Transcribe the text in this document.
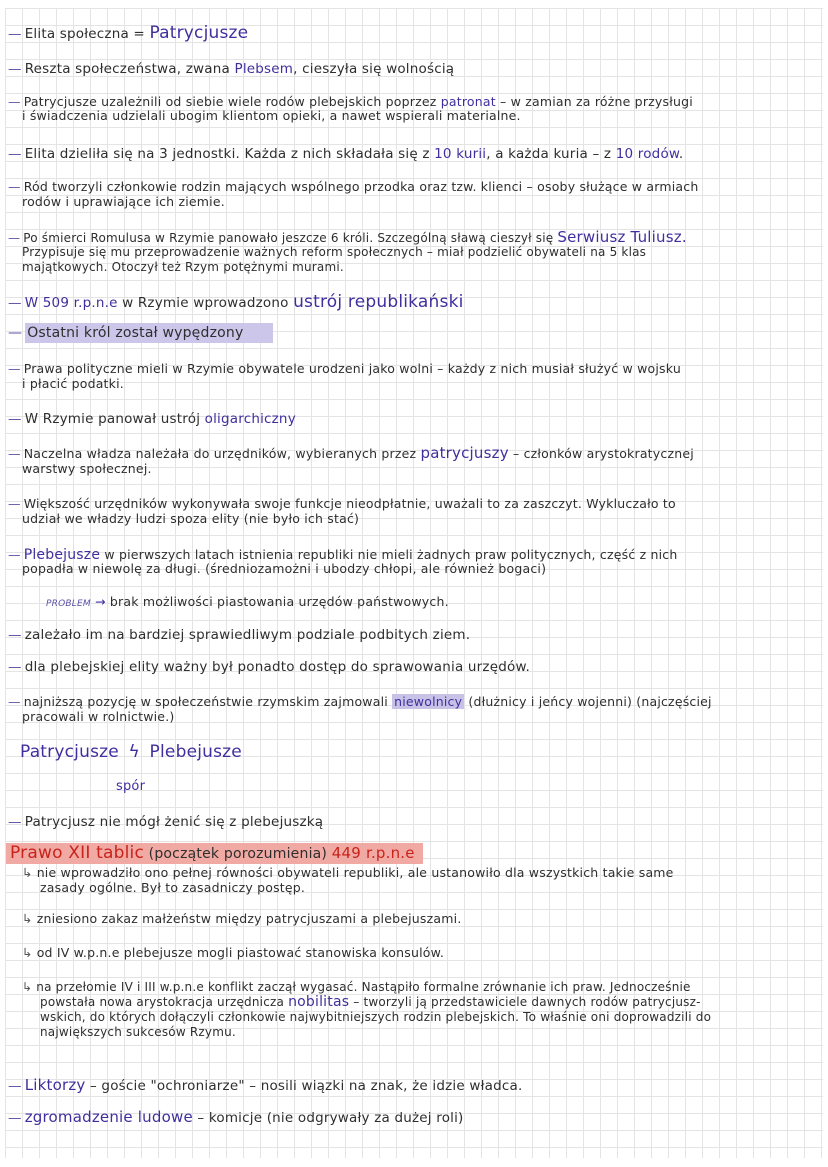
— Elita społeczna = Patrycjusze
— Reszta społeczeństwa, zwana Plebsem, cieszyła się wolnością
— Patrycjusze uzależnili od siebie wiele rodów plebejskich poprzez patronat – w zamian za różne przysługi
i świadczenia udzielali ubogim klientom opieki, a nawet wspierali materialne.
— Elita dzieliła się na 3 jednostki. Każda z nich składała się z 10 kurii, a każda kuria – z 10 rodów.
— Ród tworzyli członkowie rodzin mających wspólnego przodka oraz tzw. klienci – osoby służące w armiach
rodów i uprawiające ich ziemie.
— Po śmierci Romulusa w Rzymie panowało jeszcze 6 króli. Szczególną sławą cieszył się Serwiusz Tuliusz.
Przypisuje się mu przeprowadzenie ważnych reform społecznych – miał podzielić obywateli na 5 klas
majątkowych. Otoczył też Rzym potężnymi murami.
— W 509 r.p.n.e w Rzymie wprowadzono ustrój republikański
— Ostatni król został wypędzony
— Prawa polityczne mieli w Rzymie obywatele urodzeni jako wolni – każdy z nich musiał służyć w wojsku
i płacić podatki.
— W Rzymie panował ustrój oligarchiczny
— Naczelna władza należała do urzędników, wybieranych przez patrycjuszy – członków arystokratycznej
warstwy społecznej.
— Większość urzędników wykonywała swoje funkcje nieodpłatnie, uważali to za zaszczyt. Wykluczało to
udział we władzy ludzi spoza elity (nie było ich stać)
— Plebejusze w pierwszych latach istnienia republiki nie mieli żadnych praw politycznych, część z nich
popadła w niewolę za długi. (średniozamożni i ubodzy chłopi, ale również bogaci)
PROBLEM → brak możliwości piastowania urzędów państwowych.
— zależało im na bardziej sprawiedliwym podziale podbitych ziem.
— dla plebejskiej elity ważny był ponadto dostęp do sprawowania urzędów.
— najniższą pozycję w społeczeństwie rzymskim zajmowali niewolnicy (dłużnicy i jeńcy wojenni) (najczęściej
pracowali w rolnictwie.)
Patrycjusze ϟ Plebejusze
spór
— Patrycjusz nie mógł żenić się z plebejuszką
Prawo XII tablic (początek porozumienia) 449 r.p.n.e
↳ nie wprowadziło ono pełnej równości obywateli republiki, ale ustanowiło dla wszystkich takie same
zasady ogólne. Był to zasadniczy postęp.
↳ zniesiono zakaz małżeństw między patrycjuszami a plebejuszami.
↳ od IV w.p.n.e plebejusze mogli piastować stanowiska konsulów.
↳ na przełomie IV i III w.p.n.e konflikt zaczął wygasać. Nastąpiło formalne zrównanie ich praw. Jednocześnie
powstała nowa arystokracja urzędnicza nobilitas – tworzyli ją przedstawiciele dawnych rodów patrycjusz-
wskich, do których dołączyli członkowie najwybitniejszych rodzin plebejskich. To właśnie oni doprowadzili do
największych sukcesów Rzymu.
— Liktorzy – goście "ochroniarze" – nosili wiązki na znak, że idzie władca.
— zgromadzenie ludowe – komicje (nie odgrywały za dużej roli)
